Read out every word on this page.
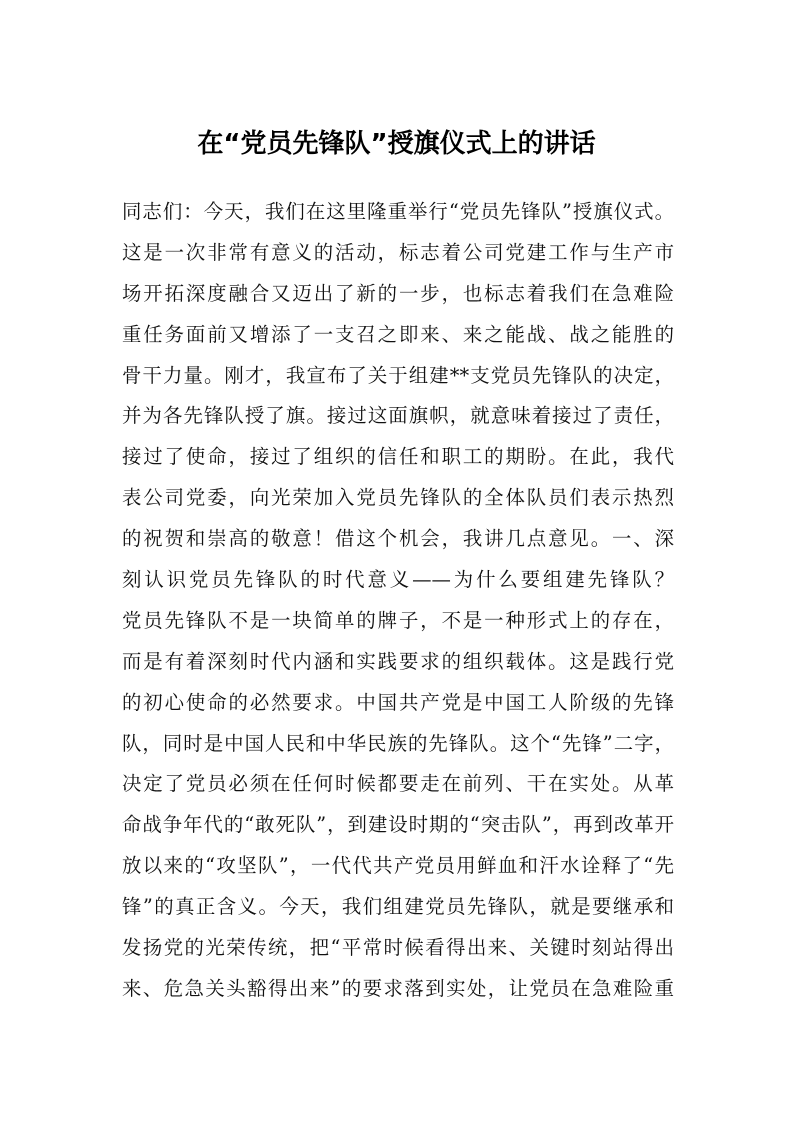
在“党员先锋队”授旗仪式上的讲话
同志们：今天，我们在这里隆重举行“党员先锋队”授旗仪式。
这是一次非常有意义的活动，标志着公司党建工作与生产市
场开拓深度融合又迈出了新的一步，也标志着我们在急难险
重任务面前又增添了一支召之即来、来之能战、战之能胜的
骨干力量。刚才，我宣布了关于组建**支党员先锋队的决定，
并为各先锋队授了旗。接过这面旗帜，就意味着接过了责任，
接过了使命，接过了组织的信任和职工的期盼。在此，我代
表公司党委，向光荣加入党员先锋队的全体队员们表示热烈
的祝贺和崇高的敬意！借这个机会，我讲几点意见。一、深
刻认识党员先锋队的时代意义——为什么要组建先锋队？
党员先锋队不是一块简单的牌子，不是一种形式上的存在，
而是有着深刻时代内涵和实践要求的组织载体。这是践行党
的初心使命的必然要求。中国共产党是中国工人阶级的先锋
队，同时是中国人民和中华民族的先锋队。这个“先锋”二字，
决定了党员必须在任何时候都要走在前列、干在实处。从革
命战争年代的“敢死队”，到建设时期的“突击队”，再到改革开
放以来的“攻坚队”，一代代共产党员用鲜血和汗水诠释了“先
锋”的真正含义。今天，我们组建党员先锋队，就是要继承和
发扬党的光荣传统，把“平常时候看得出来、关键时刻站得出
来、危急关头豁得出来”的要求落到实处，让党员在急难险重
